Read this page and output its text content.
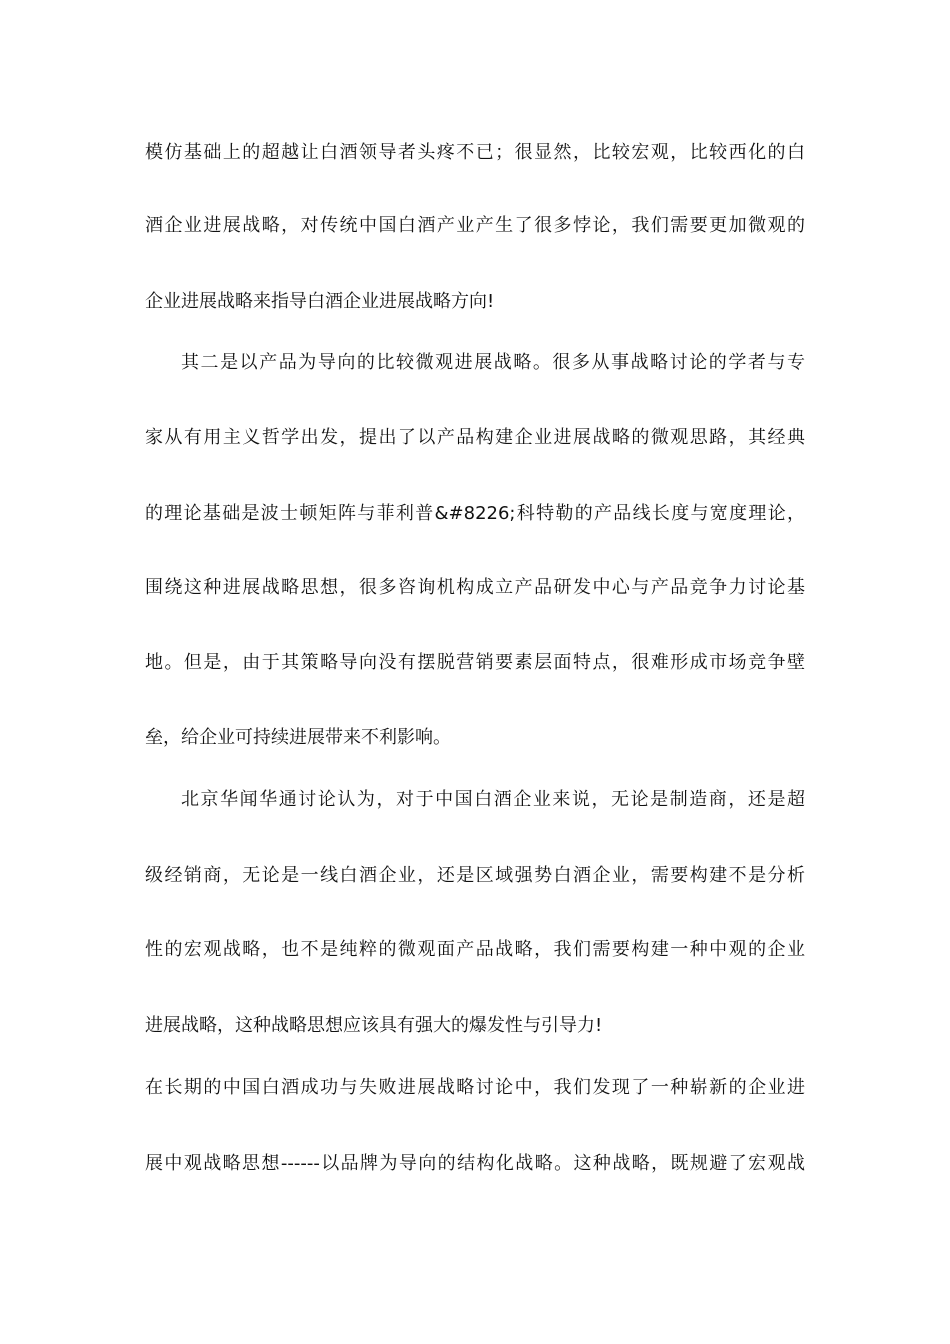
模仿基础上的超越让白酒领导者头疼不已；很显然，比较宏观，比较西化的白
酒企业进展战略，对传统中国白酒产业产生了很多悖论，我们需要更加微观的
企业进展战略来指导白酒企业进展战略方向!
其二是以产品为导向的比较微观进展战略。很多从事战略讨论的学者与专
家从有用主义哲学出发，提出了以产品构建企业进展战略的微观思路，其经典
的理论基础是波士顿矩阵与菲利普&#8226;科特勒的产品线长度与宽度理论，
围绕这种进展战略思想，很多咨询机构成立产品研发中心与产品竞争力讨论基
地。但是，由于其策略导向没有摆脱营销要素层面特点，很难形成市场竞争壁
垒，给企业可持续进展带来不利影响。
北京华闻华通讨论认为，对于中国白酒企业来说，无论是制造商，还是超
级经销商，无论是一线白酒企业，还是区域强势白酒企业，需要构建不是分析
性的宏观战略，也不是纯粹的微观面产品战略，我们需要构建一种中观的企业
进展战略，这种战略思想应该具有强大的爆发性与引导力!
在长期的中国白酒成功与失败进展战略讨论中，我们发现了一种崭新的企业进
展中观战略思想------以品牌为导向的结构化战略。这种战略，既规避了宏观战
